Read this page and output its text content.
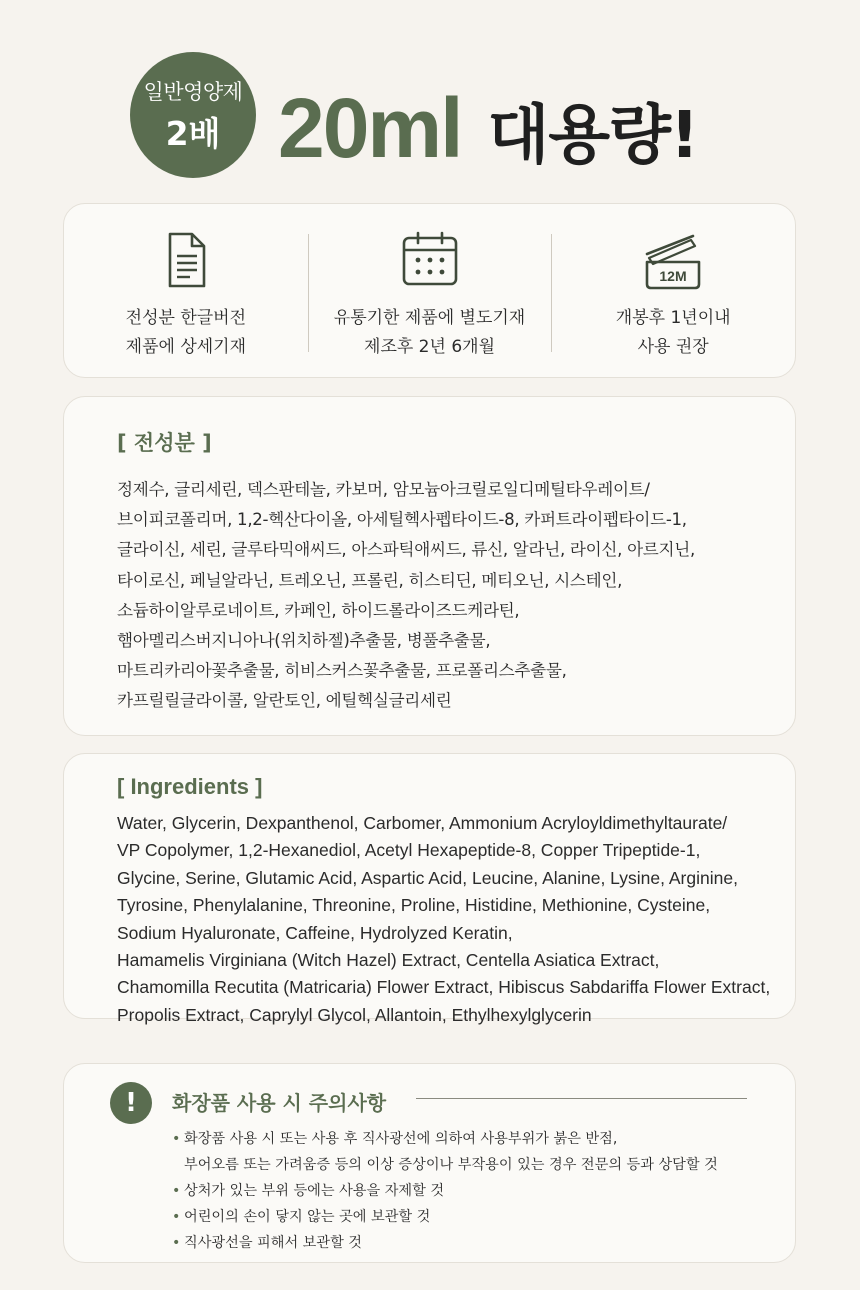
일반영양제
2배 20ml 대용량!
전성분 한글버전
제품에 상세기재
유통기한 제품에 별도기재
제조후 2년 6개월
12M
개봉후 1년이내
사용 권장
[ 전성분 ]
정제수, 글리세린, 덱스판테놀, 카보머, 암모늄아크릴로일디메틸타우레이트/
브이피코폴리머, 1,2-헥산다이올, 아세틸헥사펩타이드-8, 카퍼트라이펩타이드-1,
글라이신, 세린, 글루타믹애씨드, 아스파틱애씨드, 류신, 알라닌, 라이신, 아르지닌,
타이로신, 페닐알라닌, 트레오닌, 프롤린, 히스티딘, 메티오닌, 시스테인,
소듐하이알루로네이트, 카페인, 하이드롤라이즈드케라틴,
햄아멜리스버지니아나(위치하젤)추출물, 병풀추출물,
마트리카리아꽃추출물, 히비스커스꽃추출물, 프로폴리스추출물,
카프릴릴글라이콜, 알란토인, 에틸헥실글리세린
[ Ingredients ]
Water, Glycerin, Dexpanthenol, Carbomer, Ammonium Acryloyldimethyltaurate/
VP Copolymer, 1,2-Hexanediol, Acetyl Hexapeptide-8, Copper Tripeptide-1,
Glycine, Serine, Glutamic Acid, Aspartic Acid, Leucine, Alanine, Lysine, Arginine,
Tyrosine, Phenylalanine, Threonine, Proline, Histidine, Methionine, Cysteine,
Sodium Hyaluronate, Caffeine, Hydrolyzed Keratin,
Hamamelis Virginiana (Witch Hazel) Extract, Centella Asiatica Extract,
Chamomilla Recutita (Matricaria) Flower Extract, Hibiscus Sabdariffa Flower Extract,
Propolis Extract, Caprylyl Glycol, Allantoin, Ethylhexylglycerin
!	화장품 사용 시 주의사항
• 화장품 사용 시 또는 사용 후 직사광선에 의하여 사용부위가 붉은 반점,
부어오름 또는 가려움증 등의 이상 증상이나 부작용이 있는 경우 전문의 등과 상담할 것
• 상처가 있는 부위 등에는 사용을 자제할 것
• 어린이의 손이 닿지 않는 곳에 보관할 것
• 직사광선을 피해서 보관할 것
